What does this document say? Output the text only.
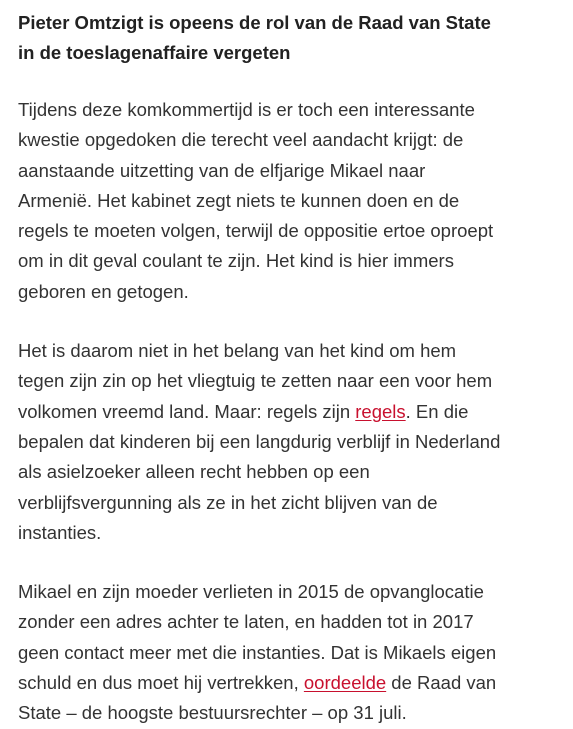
Pieter Omtzigt is opeens de rol van de Raad van State
in de toeslagenaffaire vergeten

Tijdens deze komkommertijd is er toch een interessante
kwestie opgedoken die terecht veel aandacht krijgt: de
aanstaande uitzetting van de elfjarige Mikael naar
Armenië. Het kabinet zegt niets te kunnen doen en de
regels te moeten volgen, terwijl de oppositie ertoe oproept
om in dit geval coulant te zijn. Het kind is hier immers
geboren en getogen.

Het is daarom niet in het belang van het kind om hem
tegen zijn zin op het vliegtuig te zetten naar een voor hem
volkomen vreemd land. Maar: regels zijn regels. En die
bepalen dat kinderen bij een langdurig verblijf in Nederland
als asielzoeker alleen recht hebben op een
verblijfsvergunning als ze in het zicht blijven van de
instanties.

Mikael en zijn moeder verlieten in 2015 de opvanglocatie
zonder een adres achter te laten, en hadden tot in 2017
geen contact meer met die instanties. Dat is Mikaels eigen
schuld en dus moet hij vertrekken, oordeelde de Raad van
State – de hoogste bestuursrechter – op 31 juli.
